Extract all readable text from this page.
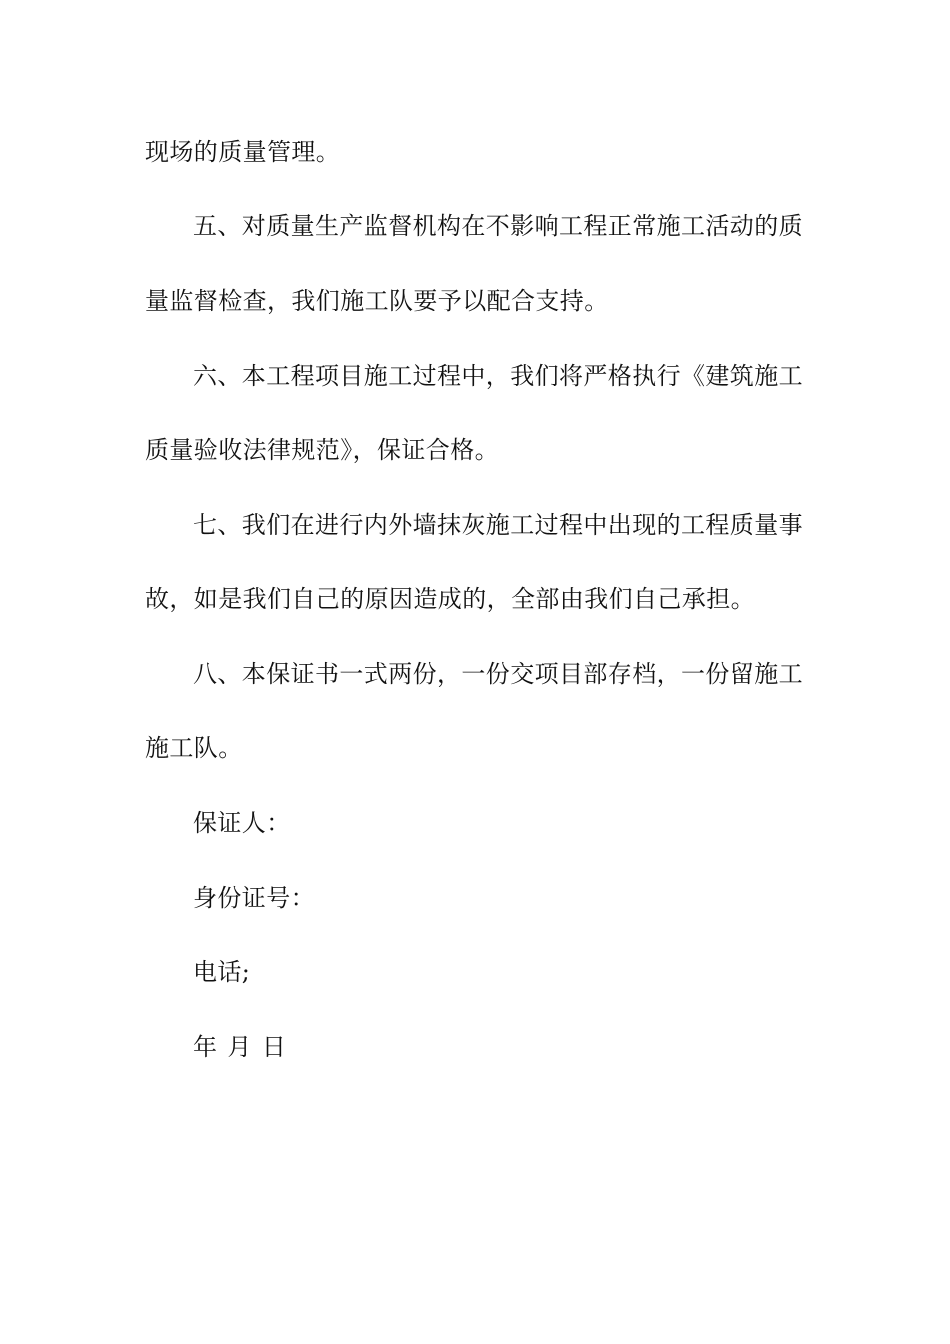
现场的质量管理。
五、对质量生产监督机构在不影响工程正常施工活动的质
量监督检查，我们施工队要予以配合支持。
六、本工程项目施工过程中，我们将严格执行《建筑施工
质量验收法律规范》，保证合格。
七、我们在进行内外墙抹灰施工过程中出现的工程质量事
故，如是我们自己的原因造成的，全部由我们自己承担。
八、本保证书一式两份，一份交项目部存档，一份留施工
施工队。
保证人：
身份证号：
电话;
年 月 日
